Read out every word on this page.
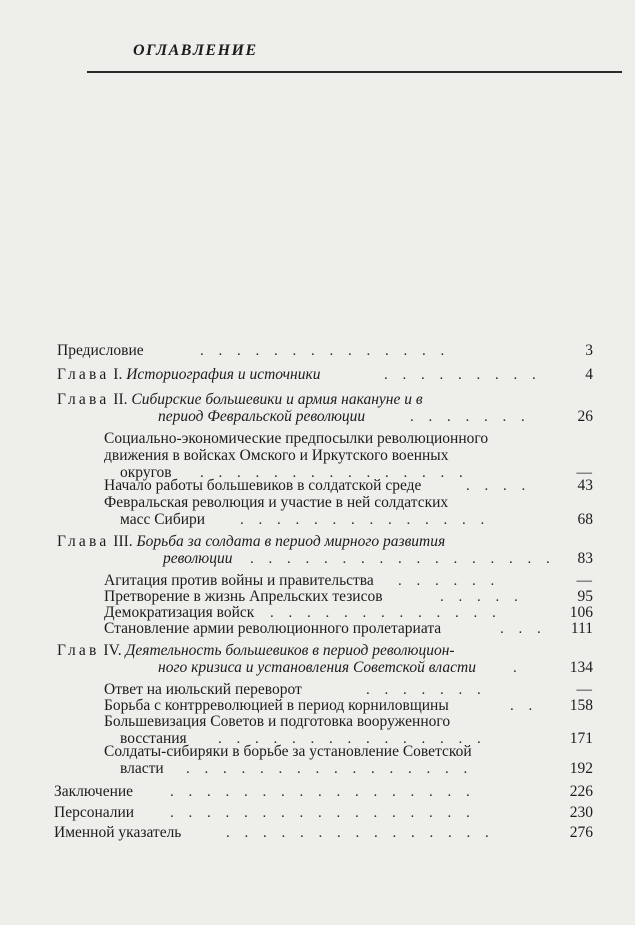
ОГЛАВЛЕНИЕ
Предисловие	. . . . . . . . . . . . . .	3
Глава I. Историография и источники	. . . . . . . . .	4
Глава II. Сибирские большевики и армия накануне и в
период Февральской революции	. . . . . . .	26
Социально-экономические предпосылки революционного
движения в войсках Омского и Иркутского военных
округов . . . . . . . . . . . . . . .	—
Начало работы большевиков в солдатской среде	. . . .	43
Февральская революция и участие в ней солдатских
масс Сибири . . . . . . . . . . . . . .	68
Глава III. Борьба за солдата в период мирного развития
революции . . . . . . . . . . . . . . . . . 83
Агитация против войны и правительства . . . . . .	—
Претворение в жизнь Апрельских тезисов	. . . . .	95
Демократизация войск . . . . . . . . . . . . .	106
Становление армии революционного пролетариата	. . . 111
Глав IV. Деятельность большевиков в период революцион-
ного кризиса и установления Советской власти .	134
Ответ на июльский переворот	. . . . . . .	—
Борьба с контрреволюцией в период корниловщины	. . 158
Большевизация Советов и подготовка вооруженного
восстания . . . . . . . . . . . . . . .	171
Солдаты-сибиряки в борьбе за установление Советской
власти . . . . . . . . . . . . . . . .	192
Заключение . . . . . . . . . . . . . . . . .	226
Персоналии . . . . . . . . . . . . . . . . .	230
Именной указатель	. . . . . . . . . . . . . . .	276
